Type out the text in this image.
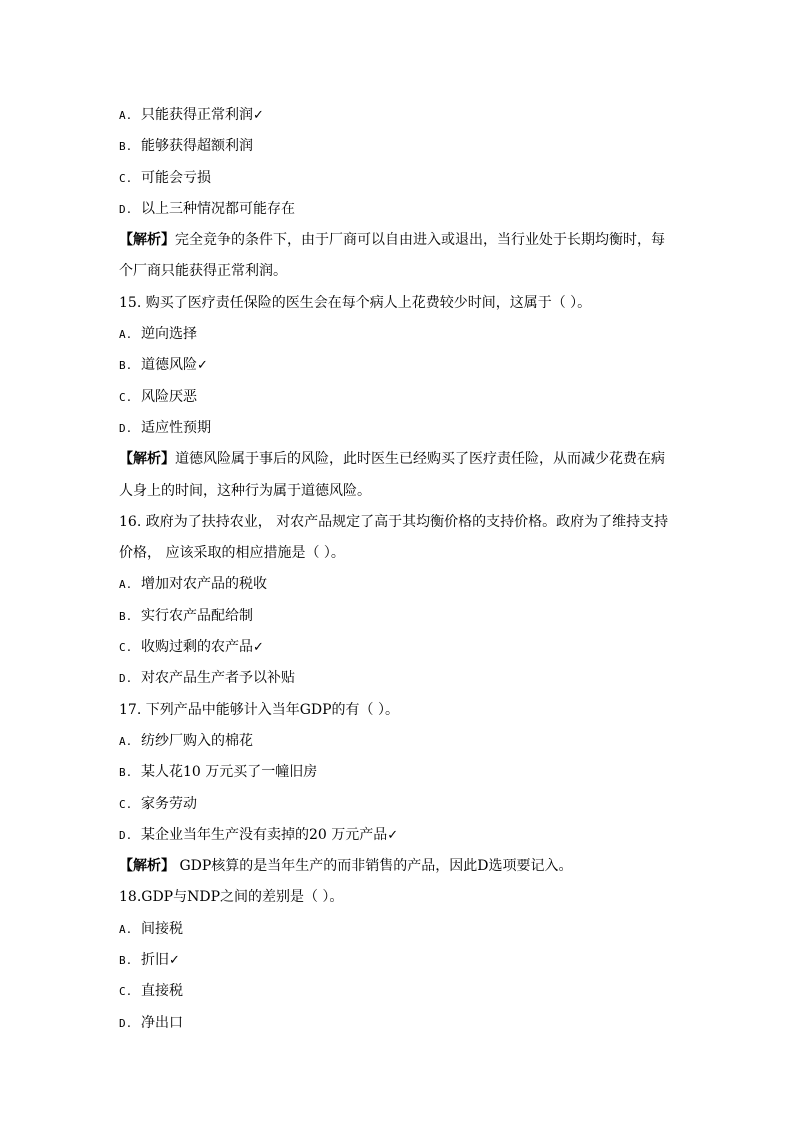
A. 只能获得正常利润✓
B. 能够获得超额利润
C. 可能会亏损
D. 以上三种情况都可能存在
【解析】完全竞争的条件下，由于厂商可以自由进入或退出，当行业处于长期均衡时，每
个厂商只能获得正常利润。
15. 购买了医疗责任保险的医生会在每个病人上花费较少时间，这属于（ ）。
A. 逆向选择
B. 道德风险✓
C. 风险厌恶
D. 适应性预期
【解析】道德风险属于事后的风险，此时医生已经购买了医疗责任险，从而减少花费在病
人身上的时间，这种行为属于道德风险。
16. 政府为了扶持农业， 对农产品规定了高于其均衡价格的支持价格。政府为了维持支持
价格， 应该采取的相应措施是（ ）。
A. 增加对农产品的税收
B. 实行农产品配给制
C. 收购过剩的农产品✓
D. 对农产品生产者予以补贴
17. 下列产品中能够计入当年GDP的有（ ）。
A. 纺纱厂购入的棉花
B. 某人花10 万元买了一幢旧房
C. 家务劳动
D. 某企业当年生产没有卖掉的20 万元产品✓
【解析】 GDP核算的是当年生产的而非销售的产品，因此D选项要记入。
18.GDP与NDP之间的差别是（ ）。
A. 间接税
B. 折旧✓
C. 直接税
D. 净出口
